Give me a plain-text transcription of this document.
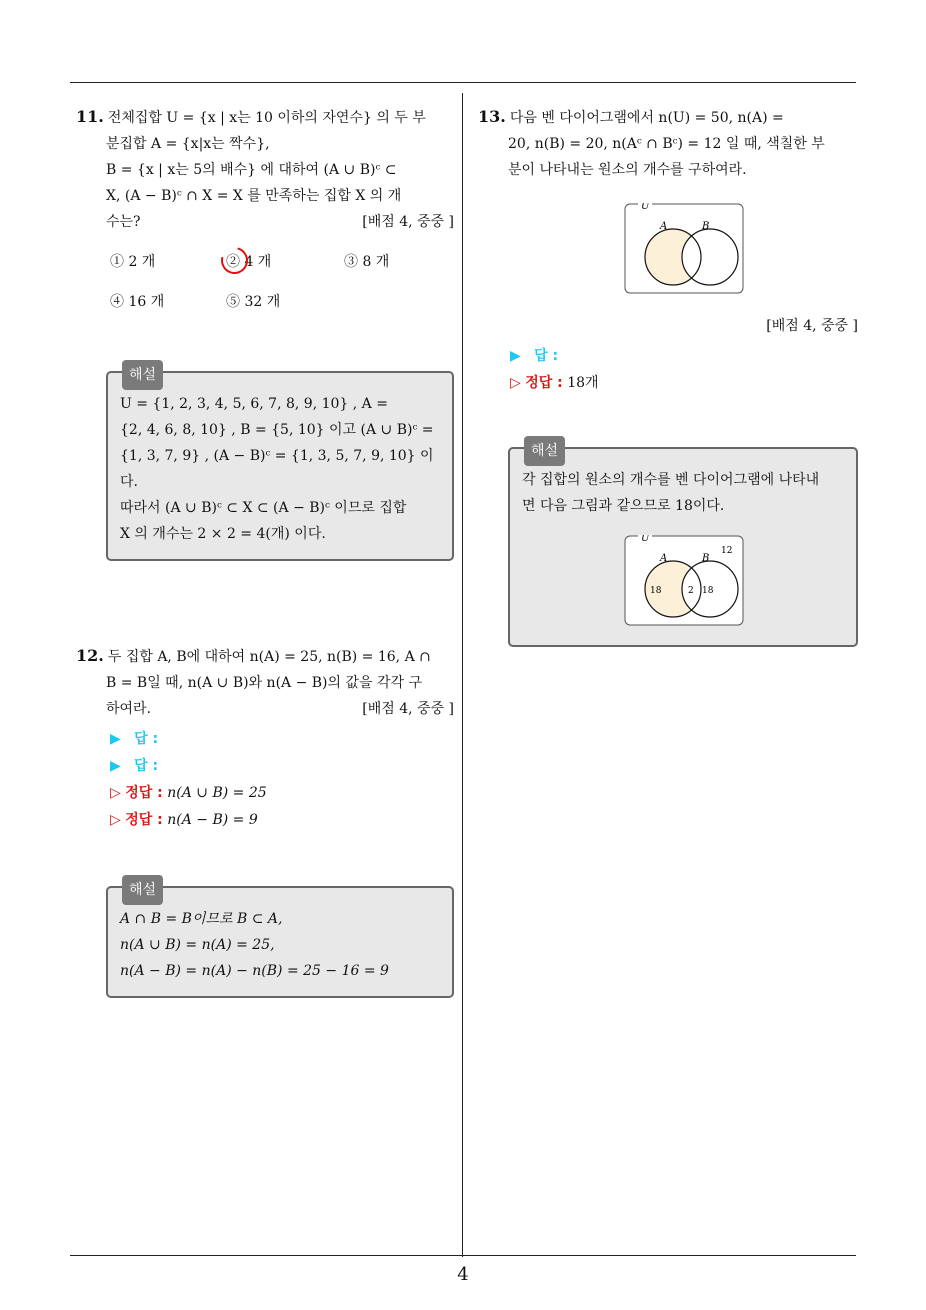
11. 전체집합 U = {x | x는 10 이하의 자연수} 의 두 부
분집합 A = {x|x는 짝수},
B = {x | x는 5의 배수} 에 대하여 (A ∪ B)ᶜ ⊂
X, (A − B)ᶜ ∩ X = X 를 만족하는 집합 X 의 개
수는?	[배점 4, 중중 ]
① 2 개	② 4 개	③ 8 개
④ 16 개	⑤ 32 개
해설
U = {1, 2, 3, 4, 5, 6, 7, 8, 9, 10} , A =
{2, 4, 6, 8, 10} , B = {5, 10} 이고 (A ∪ B)ᶜ =
{1, 3, 7, 9} , (A − B)ᶜ = {1, 3, 5, 7, 9, 10} 이다.
따라서 (A ∪ B)ᶜ ⊂ X ⊂ (A − B)ᶜ 이므로 집합
X 의 개수는 2 × 2 = 4(개) 이다.
12. 두 집합 A, B에 대하여 n(A) = 25, n(B) = 16, A ∩
B = B일 때, n(A ∪ B)와 n(A − B)의 값을 각각 구
하여라.	[배점 4, 중중 ]
▶ 답 :
▶ 답 :
▷ 정답 : n(A ∪ B) = 25
▷ 정답 : n(A − B) = 9
해설
A ∩ B = B이므로 B ⊂ A,
n(A ∪ B) = n(A) = 25,
n(A − B) = n(A) − n(B) = 25 − 16 = 9
13. 다음 벤 다이어그램에서 n(U) = 50, n(A) =
20, n(B) = 20, n(Aᶜ ∩ Bᶜ) = 12 일 때, 색칠한 부
분이 나타내는 원소의 개수를 구하여라.
U
A	B
[배점 4, 중중 ]
▶ 답 :
▷ 정답 : 18개
해설
각 집합의 원소의 개수를 벤 다이어그램에 나타내
면 다음 그림과 같으므로 18이다.
U
A	B
12
18	2 18
4
